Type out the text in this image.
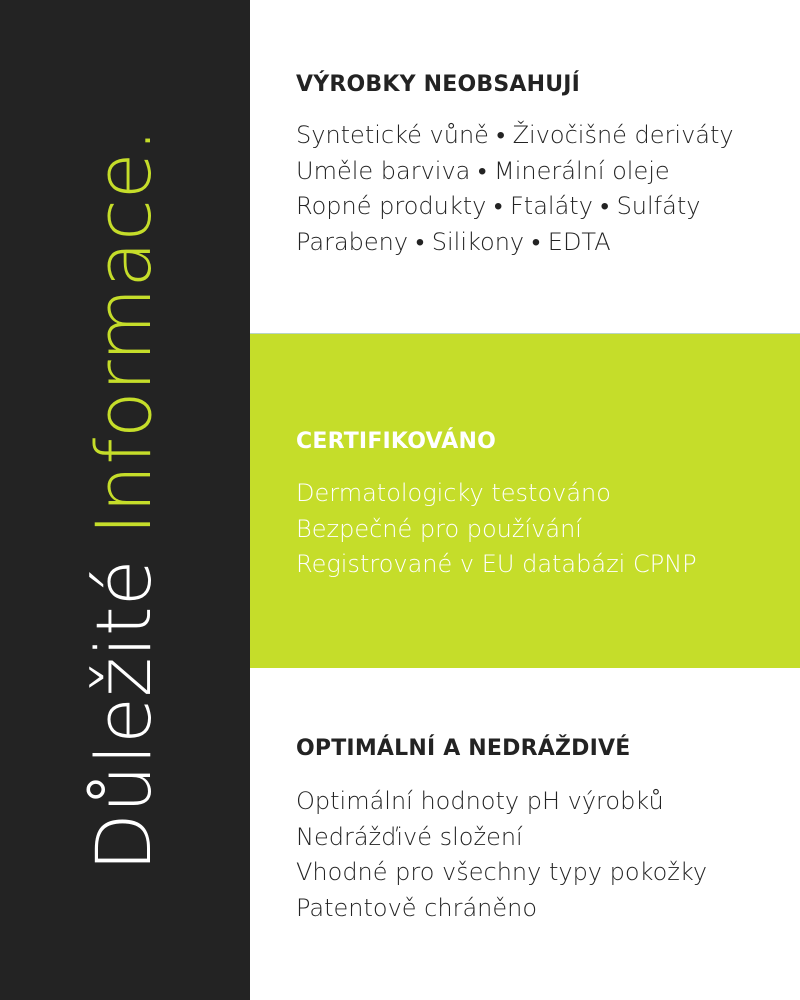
Důležité Informace.
VÝROBKY NEOBSAHUJÍ
Syntetické vůně • Živočišné deriváty
Uměle barviva • Minerální oleje
Ropné produkty • Ftaláty • Sulfáty
Parabeny • Silikony • EDTA
CERTIFIKOVÁNO
Dermatologicky testováno
Bezpečné pro používání
Registrované v EU databázi CPNP
OPTIMÁLNÍ A NEDRÁŽDIVÉ
Optimální hodnoty pH výrobků
Nedrážďivé složení
Vhodné pro všechny typy pokožky
Patentově chráněno
